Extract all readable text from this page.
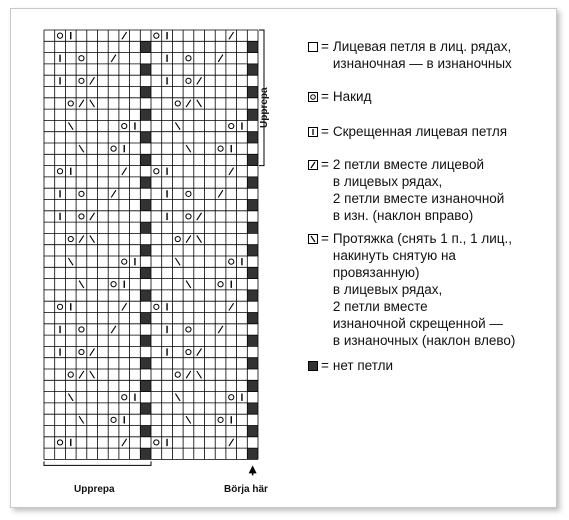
Upprepa
Upprepa	Börja här
= Лицевая петля в лиц. рядах,
изнаночная — в изнаночных
= Накид
= Скрещенная лицевая петля
= 2 петли вместе лицевой
в лицевых рядах,
2 петли вместе изнаночной
в изн. (наклон вправо)
= Протяжка (снять 1 п., 1 лиц.,
накинуть снятую на
провязанную)
в лицевых рядах,
2 петли вместе
изнаночной скрещенной —
в изнаночных (наклон влево)
= нет петли
